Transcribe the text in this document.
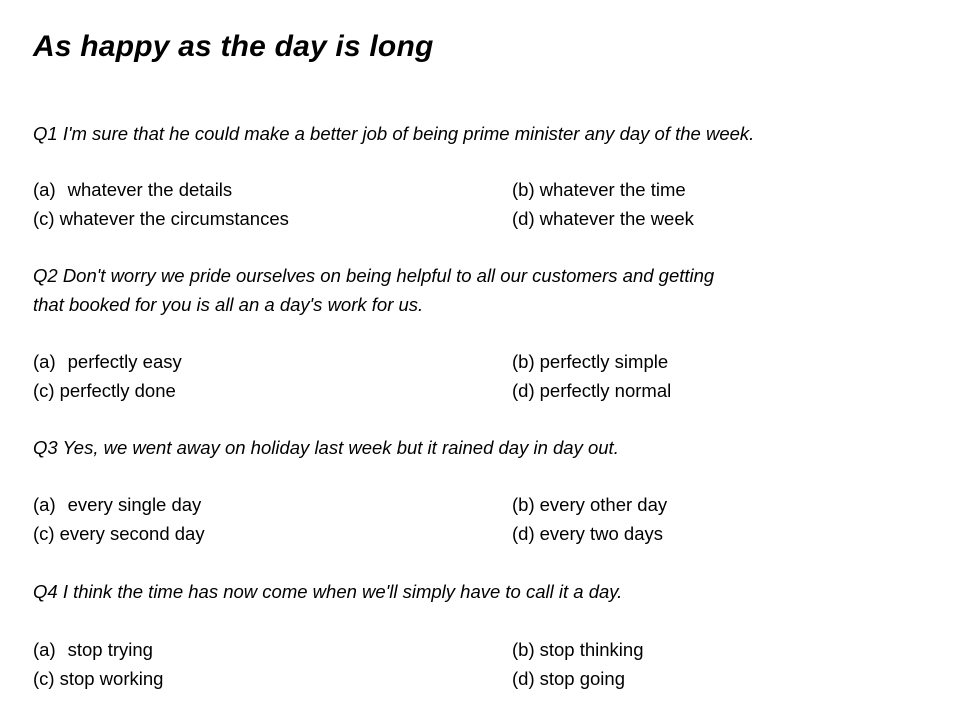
As happy as the day is long
Q1 I'm sure that he could make a better job of being prime minister any day of the week.
(a) whatever the details	(b) whatever the time
(c) whatever the circumstances	(d) whatever the week
Q2 Don't worry we pride ourselves on being helpful to all our customers and getting
that booked for you is all an a day's work for us.
(a) perfectly easy	(b) perfectly simple
(c) perfectly done	(d) perfectly normal
Q3 Yes, we went away on holiday last week but it rained day in day out.
(a) every single day	(b) every other day
(c) every second day	(d) every two days
Q4 I think the time has now come when we'll simply have to call it a day.
(a) stop trying	(b) stop thinking
(c) stop working	(d) stop going
